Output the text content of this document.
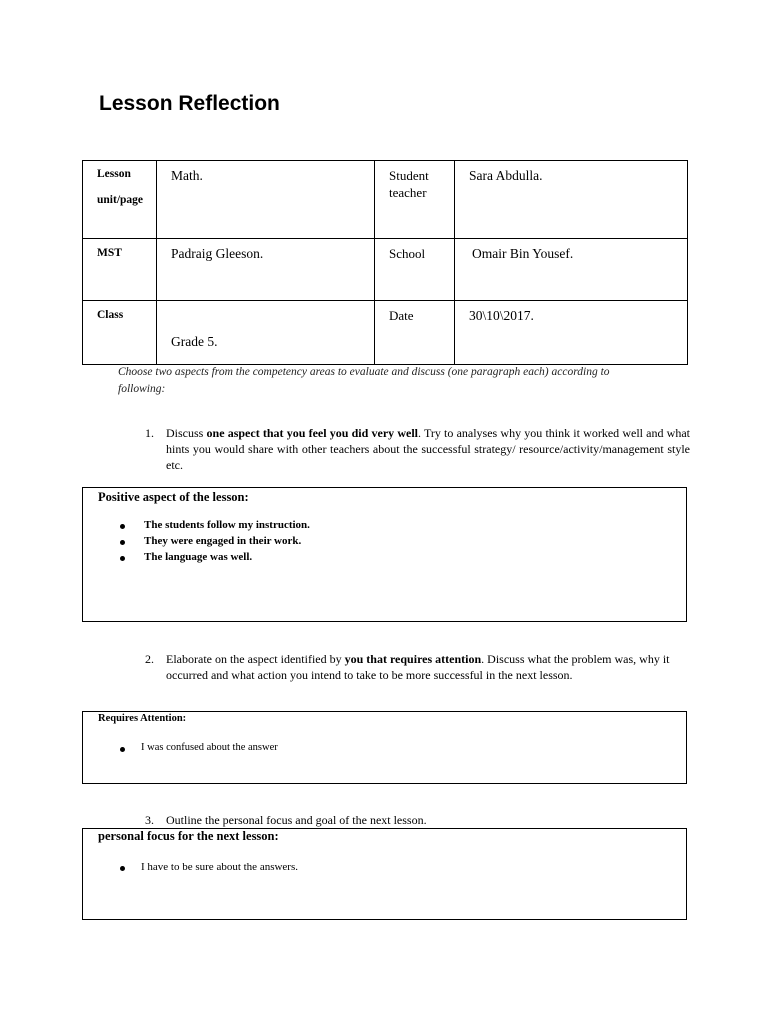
Lesson Reflection
Lesson unit/page	Math.	Student teacher	Sara Abdulla.
MST	Padraig Gleeson.	School	Omair Bin Yousef.
Class	Grade 5.	Date	30\10\2017.
Choose two aspects from the competency areas to evaluate and discuss (one paragraph each) according to following:
1. Discuss one aspect that you feel you did very well. Try to analyses why you think it worked well and what hints you would share with other teachers about the successful strategy/ resource/activity/management style etc.

Positive aspect of the lesson:

The students follow my instruction.
They were engaged in their work.
The language was well.
2. Elaborate on the aspect identified by you that requires attention. Discuss what the problem was, why it occurred and what action you intend to take to be more successful in the next lesson.

Requires Attention:

I was confused about the answer
3. Outline the personal focus and goal of the next lesson.

personal focus for the next lesson:

I have to be sure about the answers.
